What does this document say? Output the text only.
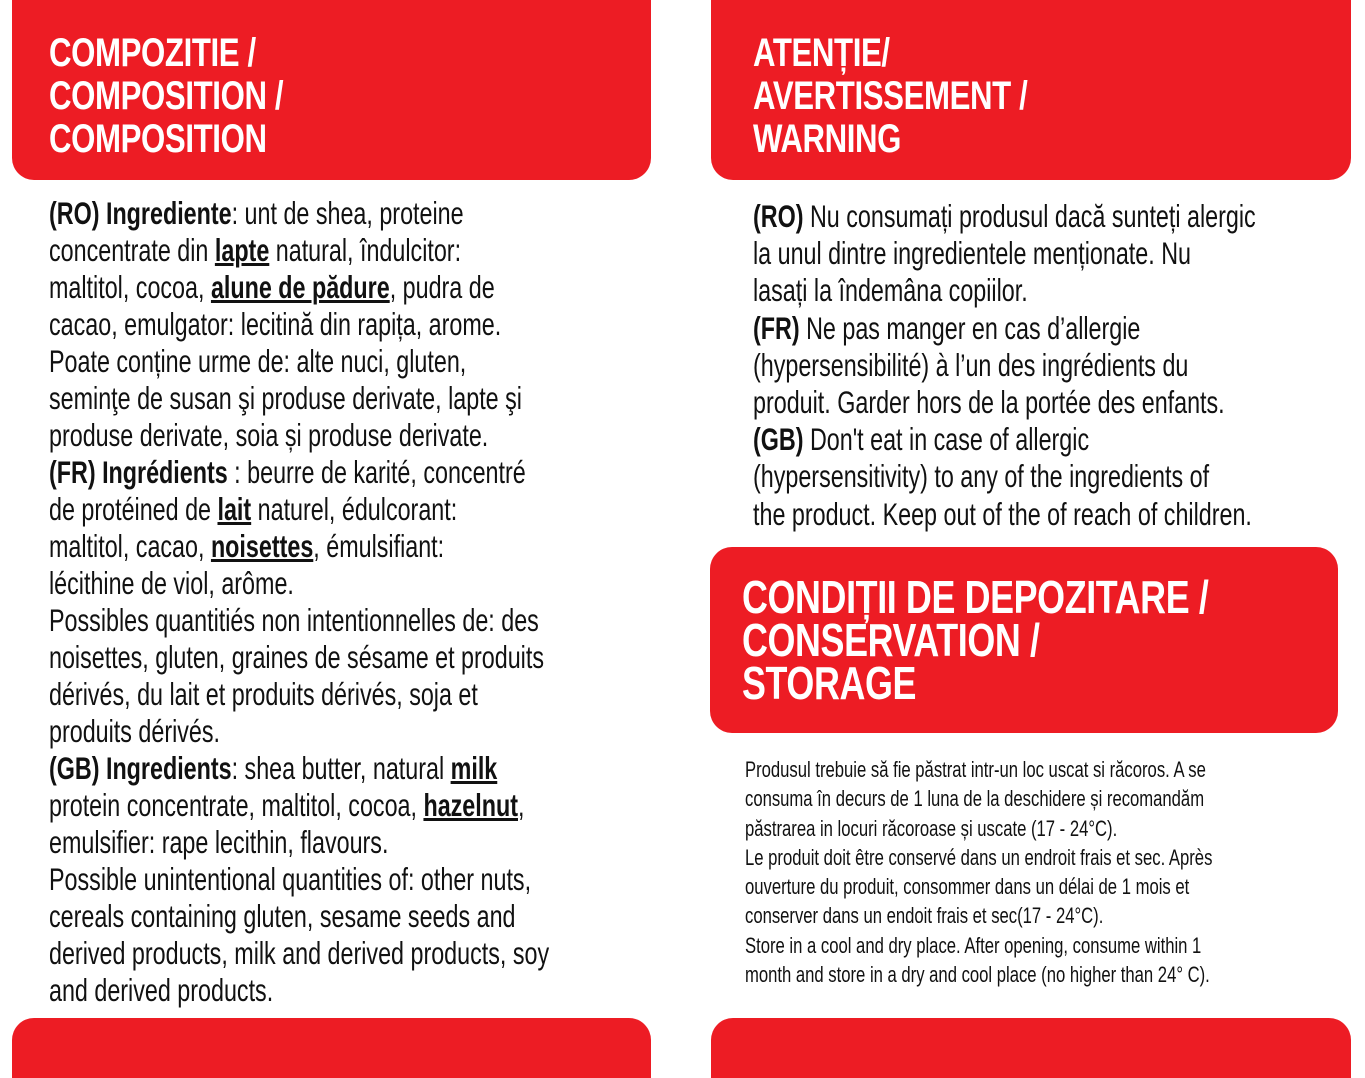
COMPOZITIE /
COMPOSITION /
COMPOSITION
ATENȚIE/
AVERTISSEMENT /
WARNING

(RO) Ingrediente: unt de shea, proteine
concentrate din lapte natural, îndulcitor:
maltitol, cocoa, alune de pădure, pudra de
cacao, emulgator: lecitină din rapița, arome.
Poate conține urme de: alte nuci, gluten,
seminţe de susan şi produse derivate, lapte şi
produse derivate, soia și produse derivate.

(FR) Ingrédients : beurre de karité, concentré
de protéined de lait naturel, édulcorant:
maltitol, cacao, noisettes, émulsifiant:
lécithine de viol, arôme.
Possibles quantitiés non intentionnelles de: des
noisettes, gluten, graines de sésame et produits
dérivés, du lait et produits dérivés, soja et
produits dérivés.

(GB) Ingredients: shea butter, natural milk
protein concentrate, maltitol, cocoa, hazelnut,
emulsifier: rape lecithin, flavours.
Possible unintentional quantities of: other nuts,
cereals containing gluten, sesame seeds and
derived products, milk and derived products, soy
and derived products.

(RO) Nu consumați produsul dacă sunteți alergic
la unul dintre ingredientele menționate. Nu
lasați la îndemâna copiilor.

(FR) Ne pas manger en cas d’allergie
(hypersensibilité) à l’un des ingrédients du
produit. Garder hors de la portée des enfants.

(GB) Don't eat in case of allergic
(hypersensitivity) to any of the ingredients of
the product. Keep out of the of reach of children.

CONDIȚII DE DEPOZITARE /
CONSERVATION /
STORAGE
Produsul trebuie să fie păstrat intr-un loc uscat si răcoros. A se
consuma în decurs de 1 luna de la deschidere și recomandăm
păstrarea in locuri răcoroase și uscate (17 - 24°C).
Le produit doit être conservé dans un endroit frais et sec. Après
ouverture du produit, consommer dans un délai de 1 mois et
conserver dans un endoit frais et sec(17 - 24°C).
Store in a cool and dry place. After opening, consume within 1
month and store in a dry and cool place (no higher than 24° C).
